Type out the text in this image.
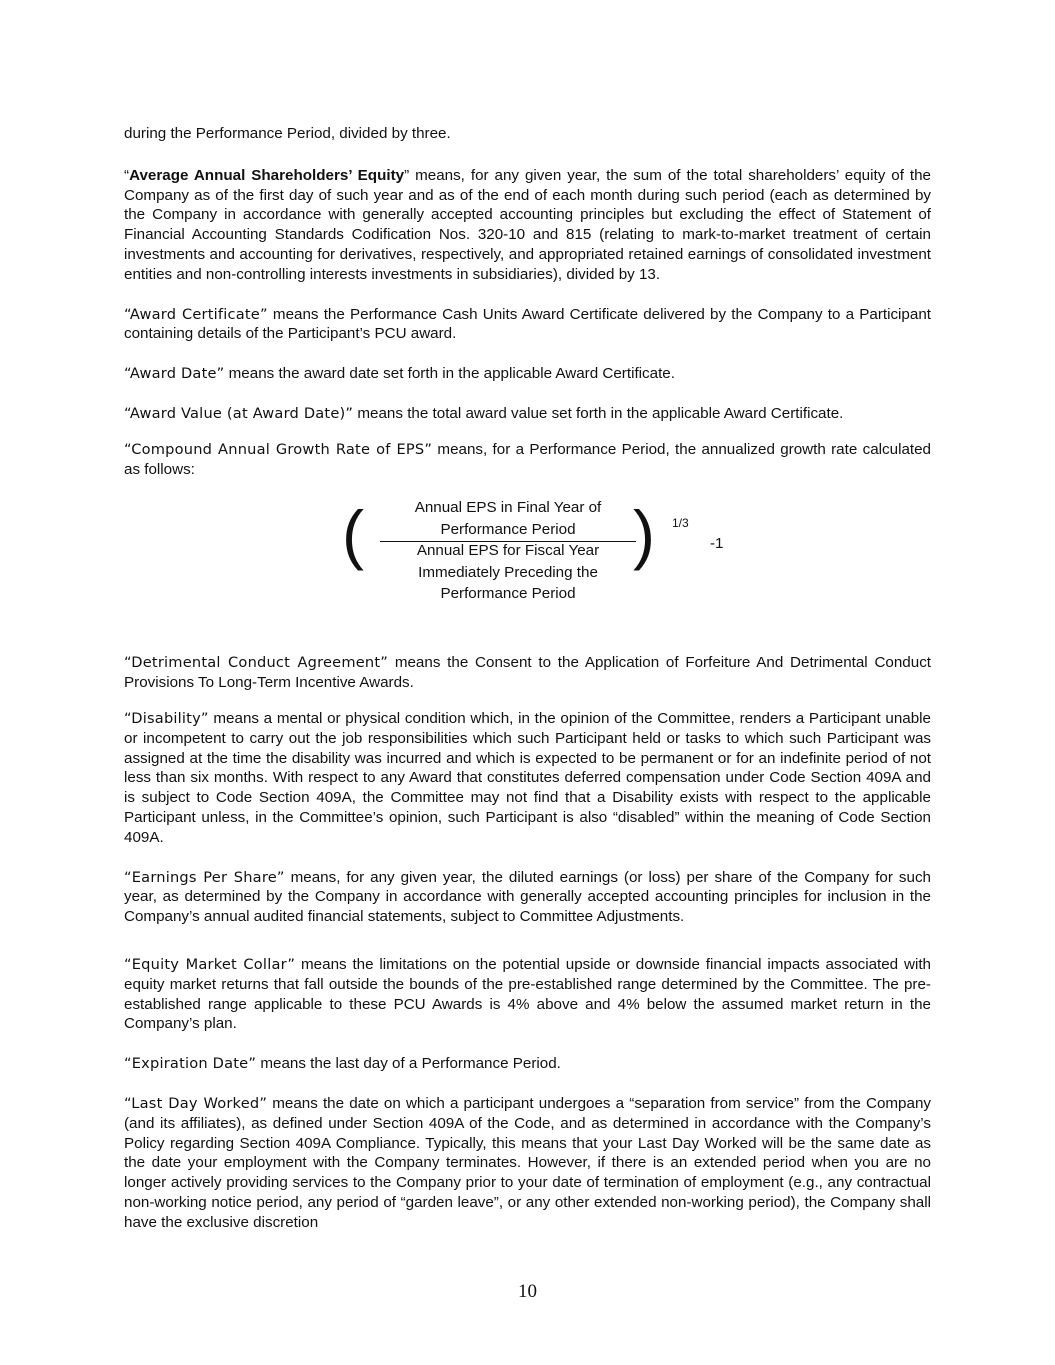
during the Performance Period, divided by three.

“Average Annual Shareholders’ Equity” means, for any given year, the sum of the total shareholders’ equity of the Company as of the first day of such year and as of the end of each month during such period (each as determined by the Company in accordance with generally accepted accounting principles but excluding the effect of Statement of Financial Accounting Standards Codification Nos. 320-10 and 815 (relating to mark-to-market treatment of certain investments and accounting for derivatives, respectively, and appropriated retained earnings of consolidated investment entities and non-controlling interests investments in subsidiaries), divided by 13.

“Award Certificate” means the Performance Cash Units Award Certificate delivered by the Company to a Participant containing details of the Participant’s PCU award.

“Award Date” means the award date set forth in the applicable Award Certificate.

“Award Value (at Award Date)” means the total award value set forth in the applicable Award Certificate.

“Compound Annual Growth Rate of EPS” means, for a Performance Period, the annualized growth rate calculated as follows:

(	Annual EPS in Final Year of
Performance Period
Annual EPS for Fiscal Year
Immediately Preceding the
Performance Period
) 1/3
-1

“Detrimental Conduct Agreement” means the Consent to the Application of Forfeiture And Detrimental Conduct Provisions To Long-Term Incentive Awards.

“Disability” means a mental or physical condition which, in the opinion of the Committee, renders a Participant unable or incompetent to carry out the job responsibilities which such Participant held or tasks to which such Participant was assigned at the time the disability was incurred and which is expected to be permanent or for an indefinite period of not less than six months. With respect to any Award that constitutes deferred compensation under Code Section 409A and is subject to Code Section 409A, the Committee may not find that a Disability exists with respect to the applicable Participant unless, in the Committee’s opinion, such Participant is also “disabled” within the meaning of Code Section 409A.

“Earnings Per Share” means, for any given year, the diluted earnings (or loss) per share of the Company for such year, as determined by the Company in accordance with generally accepted accounting principles for inclusion in the Company’s annual audited financial statements, subject to Committee Adjustments.

“Equity Market Collar” means the limitations on the potential upside or downside financial impacts associated with equity market returns that fall outside the bounds of the pre-established range determined by the Committee. The pre-established range applicable to these PCU Awards is 4% above and 4% below the assumed market return in the Company’s plan.

“Expiration Date” means the last day of a Performance Period.

“Last Day Worked” means the date on which a participant undergoes a “separation from service” from the Company (and its affiliates), as defined under Section 409A of the Code, and as determined in accordance with the Company’s Policy regarding Section 409A Compliance. Typically, this means that your Last Day Worked will be the same date as the date your employment with the Company terminates. However, if there is an extended period when you are no longer actively providing services to the Company prior to your date of termination of employment (e.g., any contractual non-working notice period, any period of “garden leave”, or any other extended non-working period), the Company shall have the exclusive discretion

10
